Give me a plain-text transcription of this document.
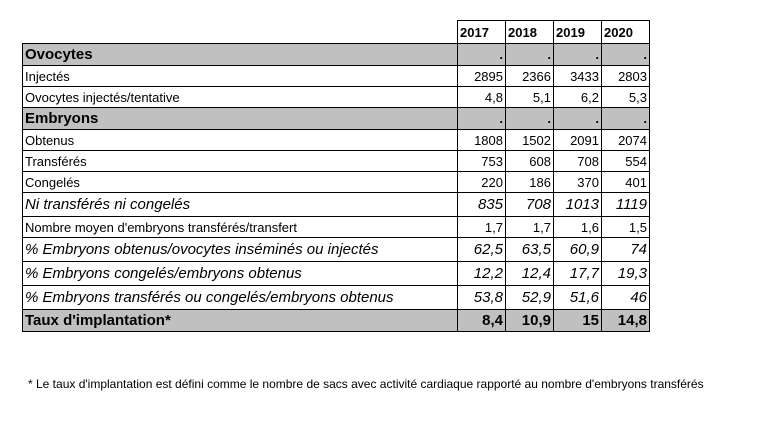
	2017	2018	2019	2020
Ovocytes	.	.	.	.
Injectés	2895	2366	3433	2803
Ovocytes injectés/tentative	4,8	5,1	6,2	5,3
Embryons	.	.	.	.
Obtenus	1808	1502	2091	2074
Transférés	753	608	708	554
Congelés	220	186	370	401
Ni transférés ni congelés	835	708	1013	1119
Nombre moyen d'embryons transférés/transfert	1,7	1,7	1,6	1,5
% Embryons obtenus/ovocytes inséminés ou injectés	62,5	63,5	60,9	74
% Embryons congelés/embryons obtenus	12,2	12,4	17,7	19,3
% Embryons transférés ou congelés/embryons obtenus	53,8	52,9	51,6	46
Taux d'implantation*	8,4	10,9	15	14,8
* Le taux d'implantation est défini comme le nombre de sacs avec activité cardiaque rapporté au nombre d'embryons transférés
